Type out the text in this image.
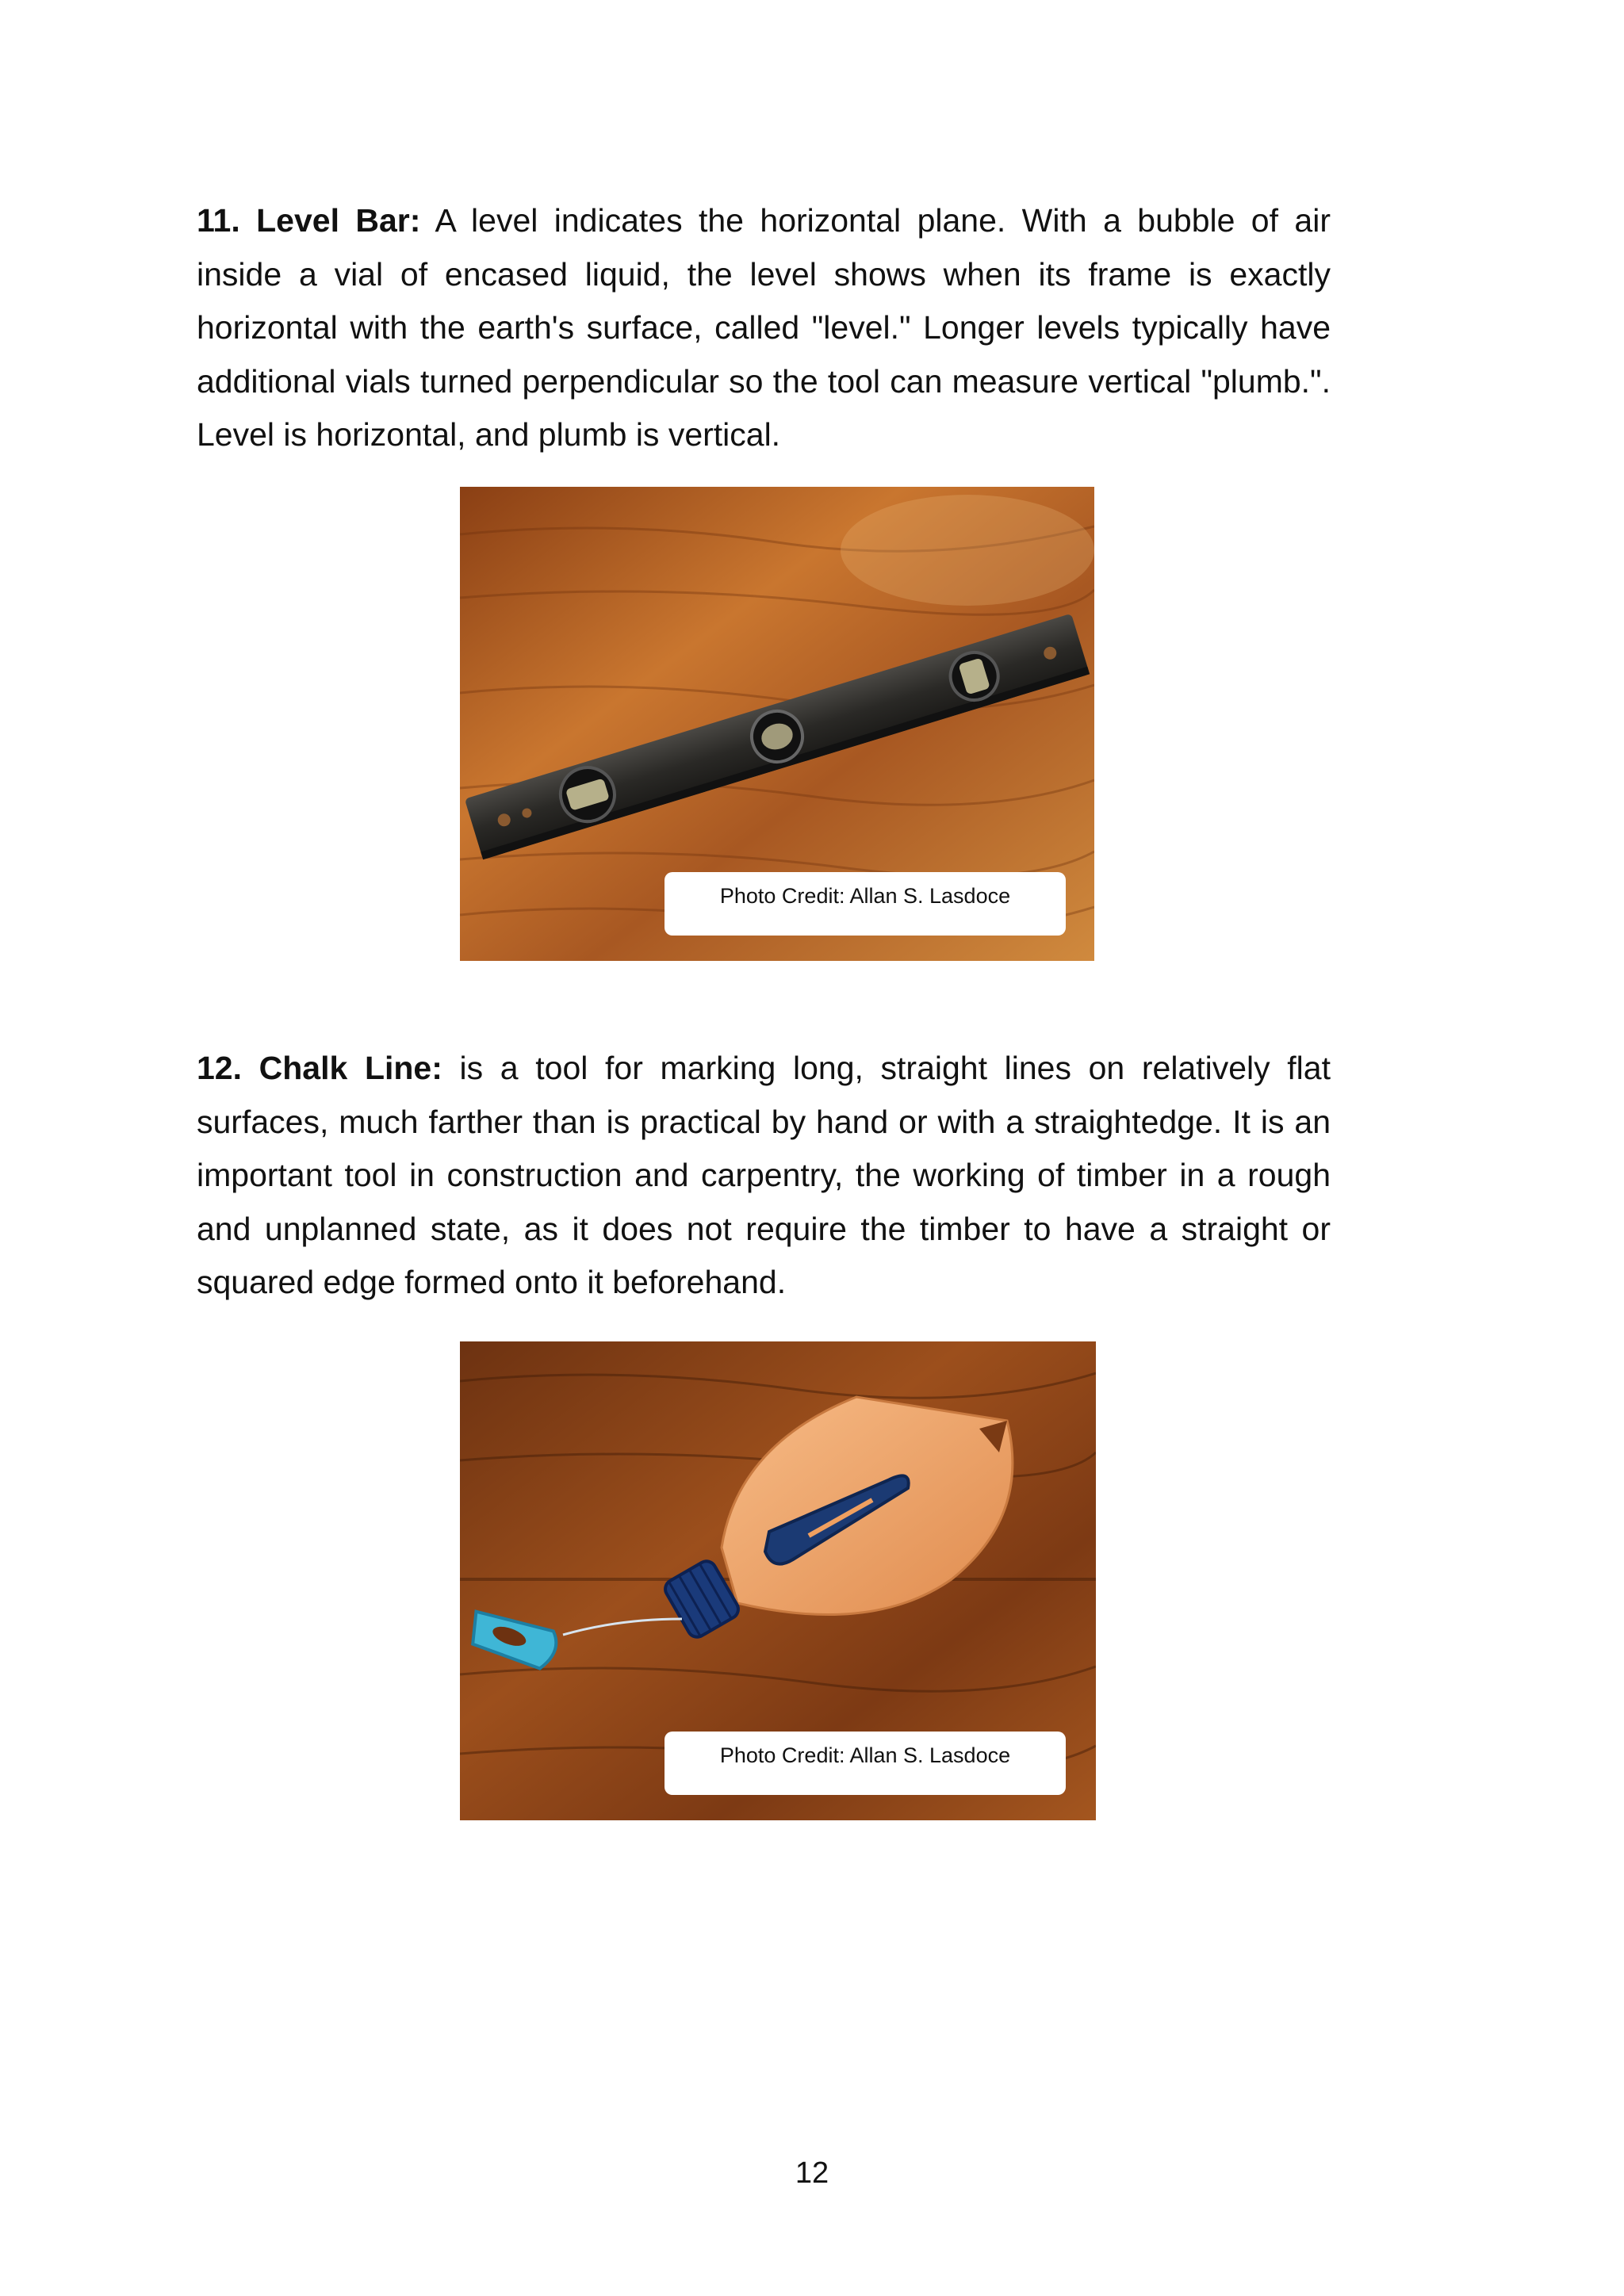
11. Level Bar: A level indicates the horizontal plane. With a bubble of air inside a vial of encased liquid, the level shows when its frame is exactly horizontal with the earth's surface, called "level." Longer levels typically have additional vials turned perpendicular so the tool can measure vertical "plumb.". Level is horizontal, and plumb is vertical.

Photo Credit: Allan S. Lasdoce

12. Chalk Line: is a tool for marking long, straight lines on relatively flat surfaces, much farther than is practical by hand or with a straightedge. It is an important tool in construction and carpentry, the working of timber in a rough and unplanned state, as it does not require the timber to have a straight or squared edge formed onto it beforehand.

Photo Credit: Allan S. Lasdoce
12
